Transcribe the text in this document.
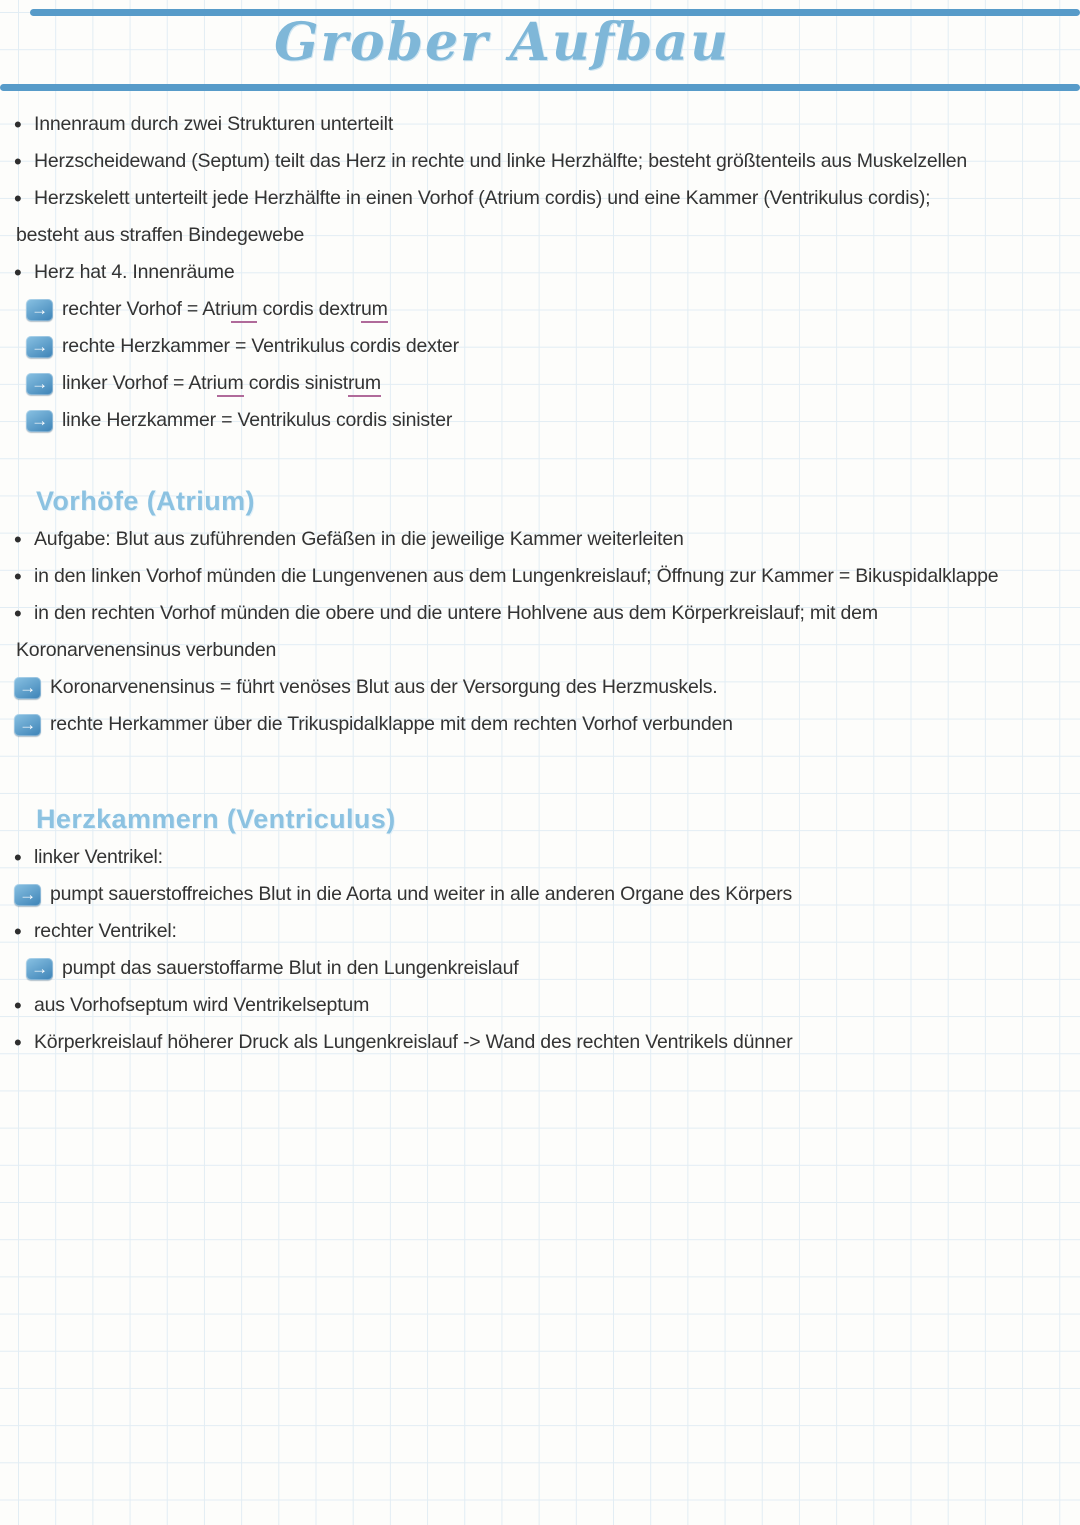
Grober Aufbau
• Innenraum durch zwei Strukturen unterteilt
• Herzscheidewand (Septum) teilt das Herz in rechte und linke Herzhälfte; besteht größtenteils aus Muskelzellen
• Herzskelett unterteilt jede Herzhälfte in einen Vorhof (Atrium cordis) und eine Kammer (Ventrikulus cordis);
besteht aus straffen Bindegewebe
• Herz hat 4. Innenräume
→ rechter Vorhof = Atrium cordis dextrum
→ rechte Herzkammer = Ventrikulus cordis dexter
→ linker Vorhof = Atrium cordis sinistrum
→ linke Herzkammer = Ventrikulus cordis sinister
Vorhöfe (Atrium)
• Aufgabe: Blut aus zuführenden Gefäßen in die jeweilige Kammer weiterleiten
• in den linken Vorhof münden die Lungenvenen aus dem Lungenkreislauf; Öffnung zur Kammer = Bikuspidalklappe
• in den rechten Vorhof münden die obere und die untere Hohlvene aus dem Körperkreislauf; mit dem
Koronarvenensinus verbunden
→ Koronarvenensinus = führt venöses Blut aus der Versorgung des Herzmuskels.
→ rechte Herkammer über die Trikuspidalklappe mit dem rechten Vorhof verbunden
Herzkammern (Ventriculus)
• linker Ventrikel:
→ pumpt sauerstoffreiches Blut in die Aorta und weiter in alle anderen Organe des Körpers
• rechter Ventrikel:
→ pumpt das sauerstoffarme Blut in den Lungenkreislauf
• aus Vorhofseptum wird Ventrikelseptum
• Körperkreislauf höherer Druck als Lungenkreislauf -> Wand des rechten Ventrikels dünner
